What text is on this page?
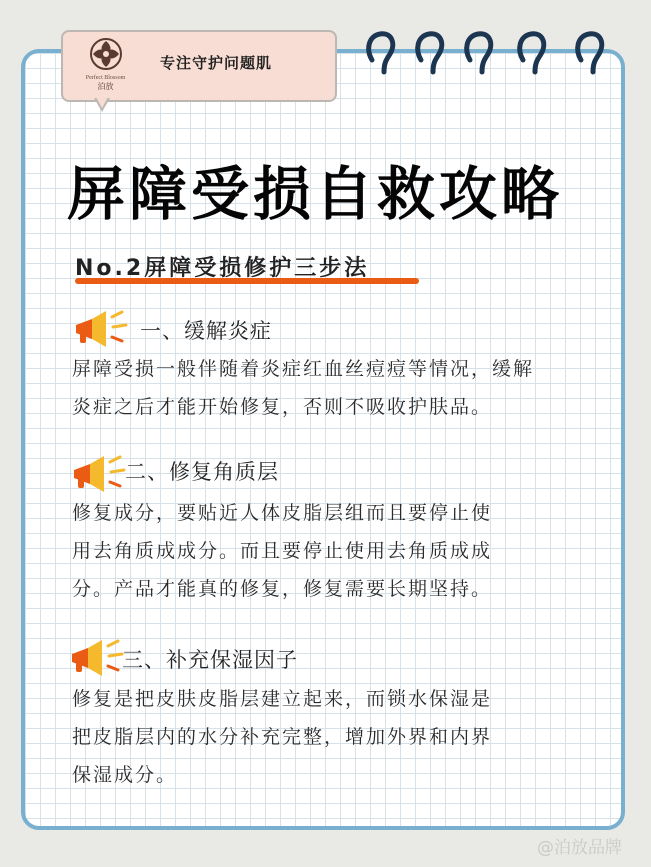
Perfect Blossom
泊放
专注守护问题肌
屏障受损自救攻略
No.2屏障受损修护三步法
一、缓解炎症
屏障受损一般伴随着炎症红血丝痘痘等情况，缓解
炎症之后才能开始修复，否则不吸收护肤品。
二、修复角质层
修复成分，要贴近人体皮脂层组而且要停止使
用去角质成成分。而且要停止使用去角质成成
分。产品才能真的修复，修复需要长期坚持。
三、补充保湿因子
修复是把皮肤皮脂层建立起来，而锁水保湿是
把皮脂层内的水分补充完整，增加外界和内界
保湿成分。
@泊放品牌
